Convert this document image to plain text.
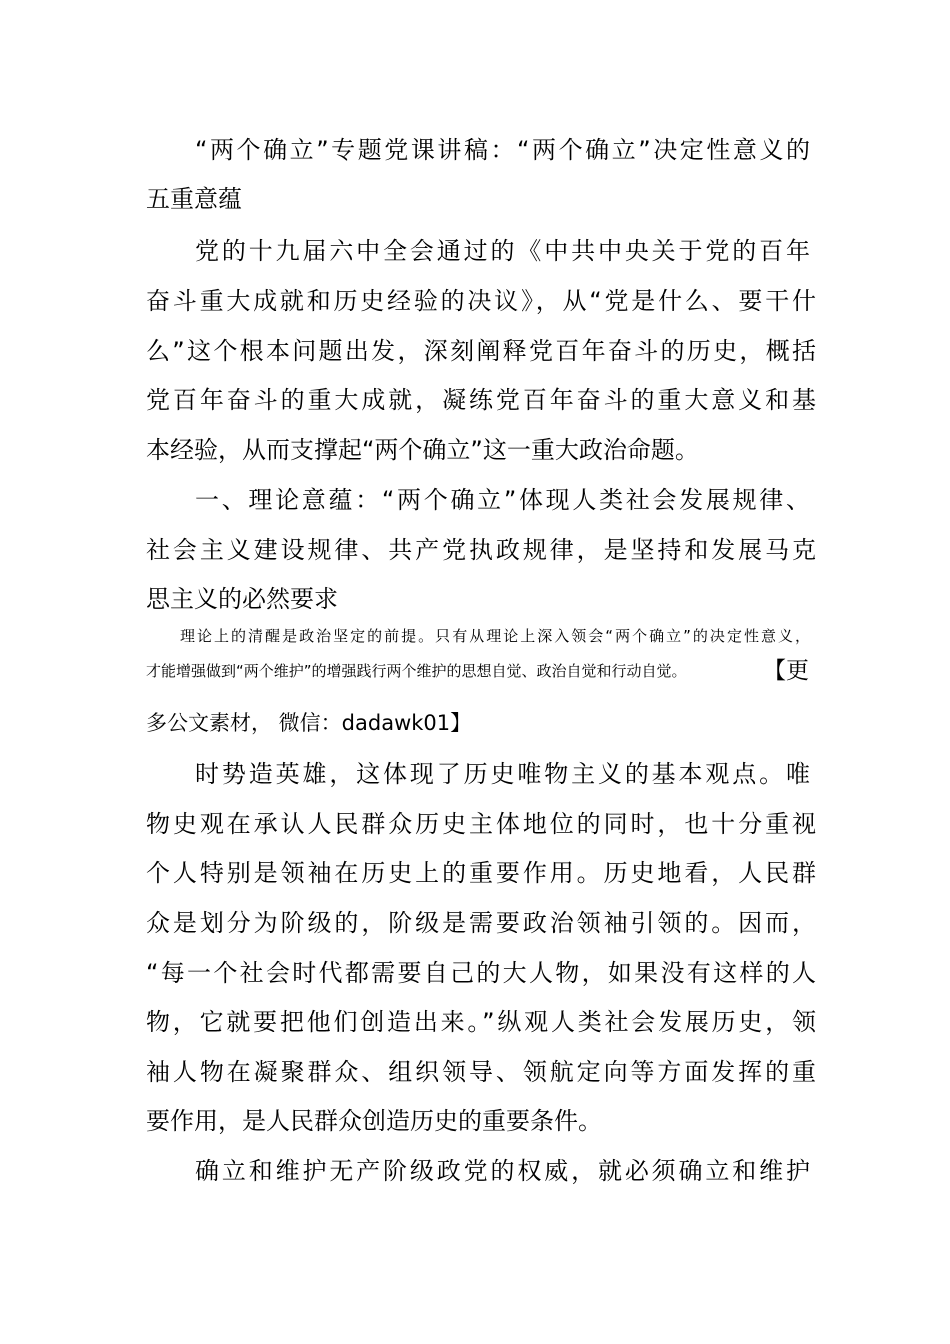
“两个确立”专题党课讲稿：“两个确立”决定性意义的
五重意蕴
党的十九届六中全会通过的《中共中央关于党的百年
奋斗重大成就和历史经验的决议》，从“党是什么、要干什
么”这个根本问题出发，深刻阐释党百年奋斗的历史，概括
党百年奋斗的重大成就，凝练党百年奋斗的重大意义和基
本经验，从而支撑起“两个确立”这一重大政治命题。
一、理论意蕴：“两个确立”体现人类社会发展规律、
社会主义建设规律、共产党执政规律，是坚持和发展马克
思主义的必然要求
理论上的清醒是政治坚定的前提。只有从理论上深入领会“两个确立”的决定性意义，
才能增强做到“两个维护”的增强践行两个维护的思想自觉、政治自觉和行动自觉。	【更
多公文素材， 微信：dadawk01】
时势造英雄，这体现了历史唯物主义的基本观点。唯
物史观在承认人民群众历史主体地位的同时，也十分重视
个人特别是领袖在历史上的重要作用。历史地看，人民群
众是划分为阶级的，阶级是需要政治领袖引领的。因而，
“每一个社会时代都需要自己的大人物，如果没有这样的人
物，它就要把他们创造出来。”纵观人类社会发展历史，领
袖人物在凝聚群众、组织领导、领航定向等方面发挥的重
要作用，是人民群众创造历史的重要条件。
确立和维护无产阶级政党的权威，就必须确立和维护
